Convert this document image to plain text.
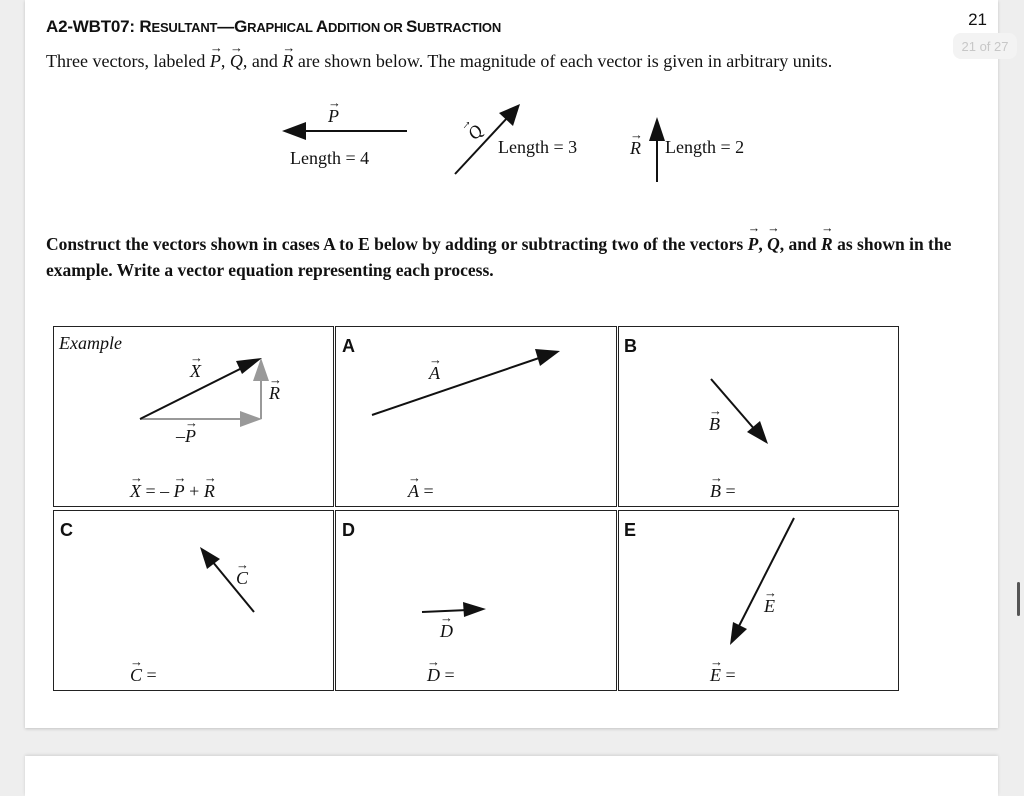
A2-WBT07: RESULTANT—GRAPHICAL ADDITION OR SUBTRACTION	21
21 of 27
Three vectors, labeled → P, → Q, and → R are shown below. The magnitude of each vector is given in arbitrary units.
→ P
Length = 4
→ Q
Length = 3	→ R Length = 2
Construct the vectors shown in cases A to E below by adding or subtracting two of the vectors → P, → Q, and → R as shown in the example. Write a vector equation representing each process.
Example	A	B
C	D	E
→ X
→ R
–→ P
→ A
→ B
→ C
→ D
→ E
→ X = – → P + → R	→ A =	→ B =
→ C =	→ D =	→ E =
